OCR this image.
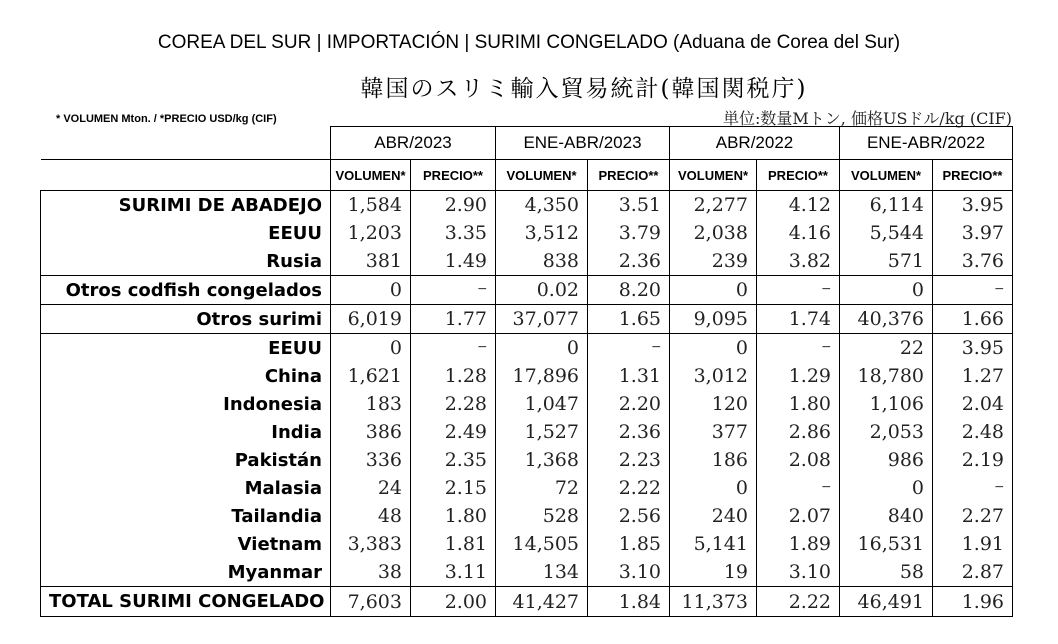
COREA DEL SUR | IMPORTACIÓN | SURIMI CONGELADO (Aduana de Corea del Sur)
韓国のスリミ輸入貿易統計(韓国関税庁)
* VOLUMEN Mton. / *PRECIO USD/kg (CIF)	単位:数量Mトン, 価格USドル/kg (CIF)
	ABR/2023		ENE-ABR/2023		ABR/2022		ENE-ABR/2022	
	VOLUMEN*	PRECIO**	VOLUMEN*	PRECIO**	VOLUMEN*	PRECIO**	VOLUMEN*	PRECIO**
SURIMI DE ABADEJO	1,584	2.90	4,350	3.51	2,277	4.12	6,114	3.95
EEUU	1,203	3.35	3,512	3.79	2,038	4.16	5,544	3.97
Rusia	381	1.49	838	2.36	239	3.82	571	3.76
Otros codfish congelados	0	−	0.02	8.20	0	−	0	−
Otros surimi	6,019	1.77	37,077	1.65	9,095	1.74	40,376	1.66
EEUU	0	−	0	−	0	−	22	3.95
China	1,621	1.28	17,896	1.31	3,012	1.29	18,780	1.27
Indonesia	183	2.28	1,047	2.20	120	1.80	1,106	2.04
India	386	2.49	1,527	2.36	377	2.86	2,053	2.48
Pakistán	336	2.35	1,368	2.23	186	2.08	986	2.19
Malasia	24	2.15	72	2.22	0	−	0	−
Tailandia	48	1.80	528	2.56	240	2.07	840	2.27
Vietnam	3,383	1.81	14,505	1.85	5,141	1.89	16,531	1.91
Myanmar	38	3.11	134	3.10	19	3.10	58	2.87
TOTAL SURIMI CONGELADO	7,603	2.00	41,427	1.84	11,373	2.22	46,491	1.96
